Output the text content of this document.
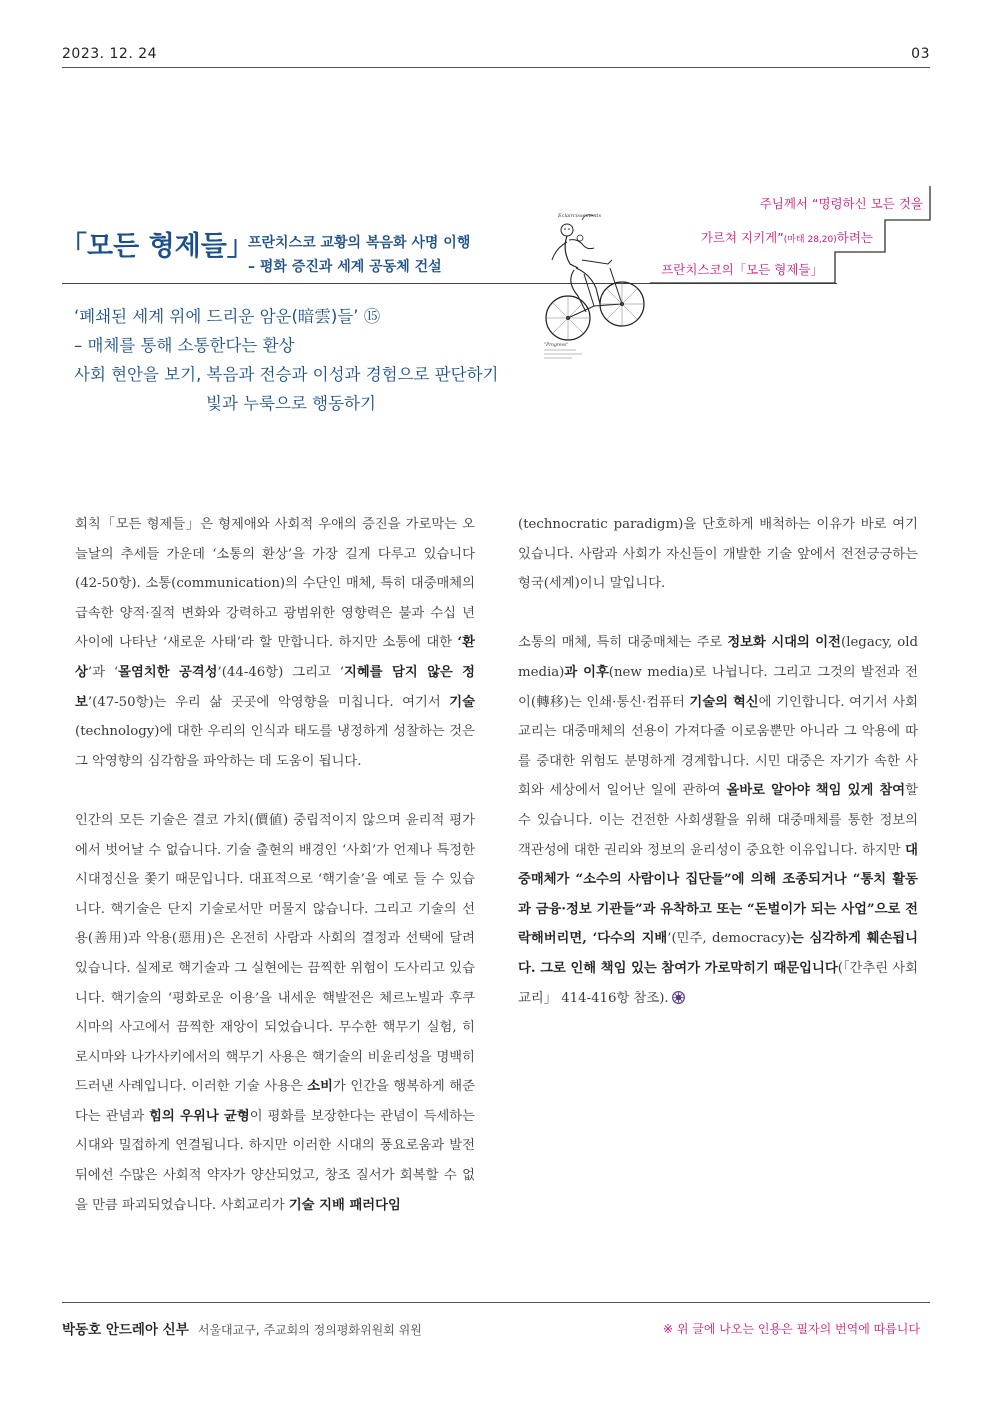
2023. 12. 24	03
「모든 형제들」
프란치스코 교황의 복음화 사명 이행
– 평화 증진과 세계 공동체 건설
주님께서 “명령하신 모든 것을
가르쳐 지키게”(마태 28,20)하려는
프란치스코의「모든 형제들」
Eclaircissements
"Progress"
‘폐쇄된 세계 위에 드리운 암운(暗雲)들’ ⑮
– 매체를 통해 소통한다는 환상
사회 현안을 보기, 복음과 전승과 이성과 경험으로 판단하기
빛과 누룩으로 행동하기

회칙「모든 형제들」은 형제애와 사회적 우애의 증진을 가로막는 오늘날의 추세들 가운데 ‘소통의 환상’을 가장 길게 다루고 있습니다(42-50항). 소통(communication)의 수단인 매체, 특히 대중매체의 급속한 양적·질적 변화와 강력하고 광범위한 영향력은 불과 수십 년 사이에 나타난 ‘새로운 사태’라 할 만합니다. 하지만 소통에 대한 ‘환상’과 ‘몰염치한 공격성’(44-46항) 그리고 ‘지혜를 담지 않은 정보’(47-50항)는 우리 삶 곳곳에 악영향을 미칩니다. 여기서 기술(technology)에 대한 우리의 인식과 태도를 냉정하게 성찰하는 것은 그 악영향의 심각함을 파악하는 데 도움이 됩니다.

인간의 모든 기술은 결코 가치(價値) 중립적이지 않으며 윤리적 평가에서 벗어날 수 없습니다. 기술 출현의 배경인 ‘사회’가 언제나 특정한 시대정신을 쫓기 때문입니다. 대표적으로 ‘핵기술’을 예로 들 수 있습니다. 핵기술은 단지 기술로서만 머물지 않습니다. 그리고 기술의 선용(善用)과 악용(惡用)은 온전히 사람과 사회의 결정과 선택에 달려 있습니다. 실제로 핵기술과 그 실현에는 끔찍한 위험이 도사리고 있습니다. 핵기술의 ‘평화로운 이용’을 내세운 핵발전은 체르노빌과 후쿠시마의 사고에서 끔찍한 재앙이 되었습니다. 무수한 핵무기 실험, 히로시마와 나가사키에서의 핵무기 사용은 핵기술의 비윤리성을 명백히 드러낸 사례입니다. 이러한 기술 사용은 소비가 인간을 행복하게 해준다는 관념과 힘의 우위나 균형이 평화를 보장한다는 관념이 득세하는 시대와 밀접하게 연결됩니다. 하지만 이러한 시대의 풍요로움과 발전 뒤에선 수많은 사회적 약자가 양산되었고, 창조 질서가 회복할 수 없을 만큼 파괴되었습니다. 사회교리가 기술 지배 패러다임

(technocratic paradigm)을 단호하게 배척하는 이유가 바로 여기 있습니다. 사람과 사회가 자신들이 개발한 기술 앞에서 전전긍긍하는 형국(세계)이니 말입니다.

소통의 매체, 특히 대중매체는 주로 정보화 시대의 이전(legacy, old media)과 이후(new media)로 나뉩니다. 그리고 그것의 발전과 전이(轉移)는 인쇄·통신·컴퓨터 기술의 혁신에 기인합니다. 여기서 사회교리는 대중매체의 선용이 가져다줄 이로움뿐만 아니라 그 악용에 따를 중대한 위험도 분명하게 경계합니다. 시민 대중은 자기가 속한 사회와 세상에서 일어난 일에 관하여 올바로 알아야 책임 있게 참여할 수 있습니다. 이는 건전한 사회생활을 위해 대중매체를 통한 정보의 객관성에 대한 권리와 정보의 윤리성이 중요한 이유입니다. 하지만 대중매체가 “소수의 사람이나 집단들”에 의해 조종되거나 “통치 활동과 금융·정보 기관들”과 유착하고 또는 “돈벌이가 되는 사업”으로 전락해버리면, ‘다수의 지배’(민주, democracy)는 심각하게 훼손됩니다. 그로 인해 책임 있는 참여가 가로막히기 때문입니다(「간추린 사회교리」 414-416항 참조).

박동호 안드레아 신부 서울대교구, 주교회의 정의평화위원회 위원	※ 위 글에 나오는 인용은 필자의 번역에 따릅니다
